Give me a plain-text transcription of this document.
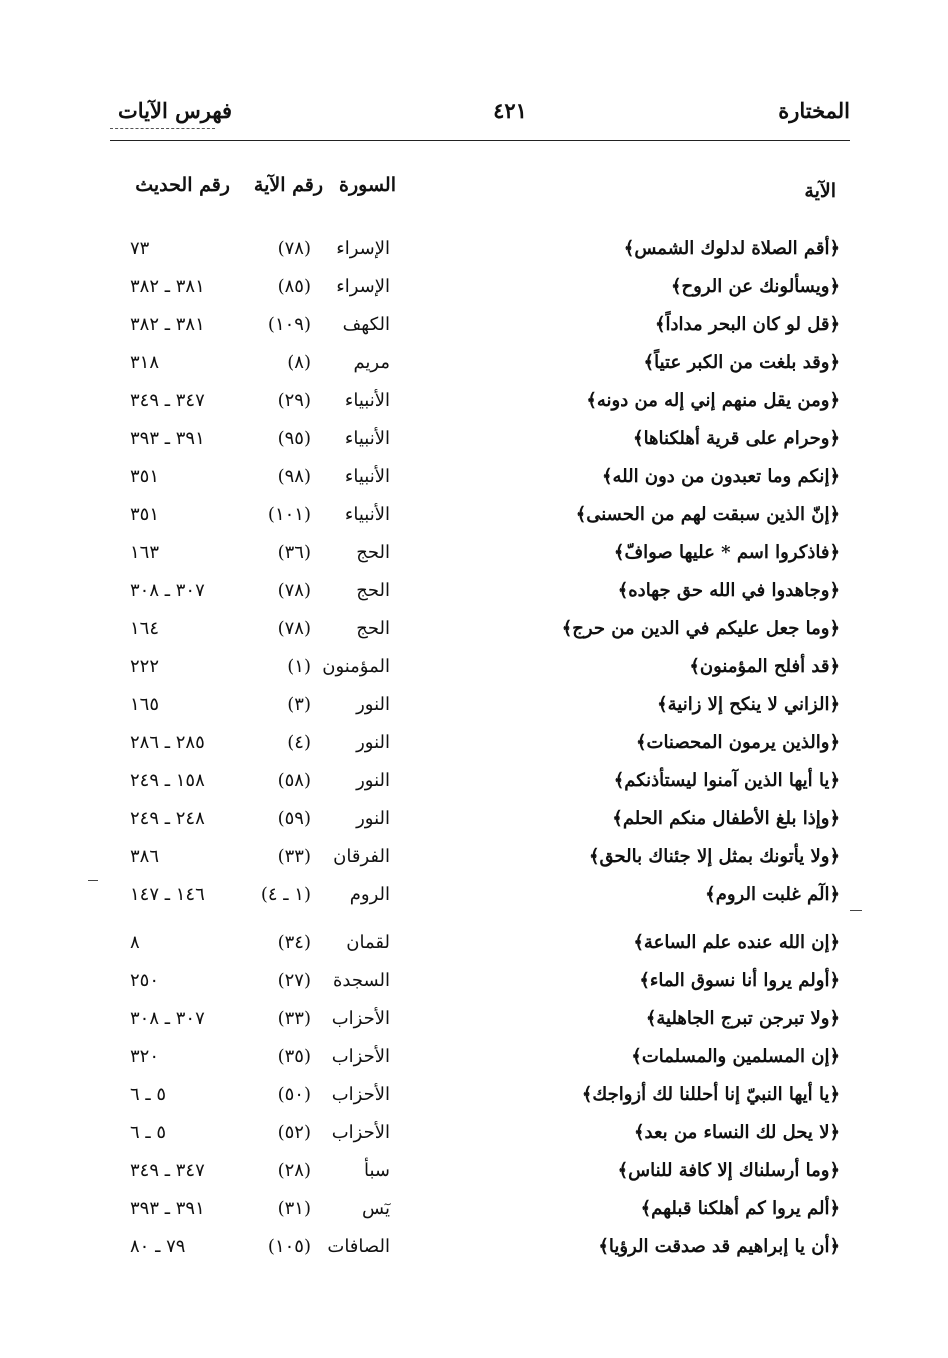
المختارة
٤٢١
فهرس الآيات
الآية
السورة
رقم الآية
رقم الحديث
﴿أقم الصلاة لدلوك الشمس﴾
الإسراء
(٧٨)
٧٣
﴿ويسألونك عن الروح﴾
الإسراء
(٨٥)
٣٨١ ـ ٣٨٢
﴿قل لو كان البحر مداداً﴾
الكهف
(١٠٩)
٣٨١ ـ ٣٨٢
﴿وقد بلغت من الكبر عتياً﴾
مريم
(٨)
٣١٨
﴿ومن يقل منهم إني إله من دونه﴾
الأنبياء
(٢٩)
٣٤٧ ـ ٣٤٩
﴿وحرام على قرية أهلكناها﴾
الأنبياء
(٩٥)
٣٩١ ـ ٣٩٣
﴿إنكم وما تعبدون من دون الله﴾
الأنبياء
(٩٨)
٣٥١
﴿إنّ الذين سبقت لهم من الحسنى﴾
الأنبياء
(١٠١)
٣٥١
﴿فاذكروا اسم * عليها صوافّ﴾
الحج
(٣٦)
١٦٣
﴿وجاهدوا في الله حق جهاده﴾
الحج
(٧٨)
٣٠٧ ـ ٣٠٨
﴿وما جعل عليكم في الدين من حرج﴾
الحج
(٧٨)
١٦٤
﴿قد أفلح المؤمنون﴾
المؤمنون
(١)
٢٢٢
﴿الزاني لا ينكح إلا زانية﴾
النور
(٣)
١٦٥
﴿والذين يرمون المحصنات﴾
النور
(٤)
٢٨٥ ـ ٢٨٦
﴿يا أيها الذين آمنوا ليستأذنكم﴾
النور
(٥٨)
١٥٨ ـ ٢٤٩
﴿وإذا بلغ الأطفال منكم الحلم﴾
النور
(٥٩)
٢٤٨ ـ ٢٤٩
﴿ولا يأتونك بمثل إلا جئناك بالحق﴾
الفرقان
(٣٣)
٣٨٦
﴿الٓم غلبت الروم﴾
الروم
(١ ـ ٤)
١٤٦ ـ ١٤٧
﴿إن الله عنده علم الساعة﴾
لقمان
(٣٤)
٨
﴿أولم يروا أنا نسوق الماء﴾
السجدة
(٢٧)
٢٥٠
﴿ولا تبرجن تبرج الجاهلية﴾
الأحزاب
(٣٣)
٣٠٧ ـ ٣٠٨
﴿إن المسلمين والمسلمات﴾
الأحزاب
(٣٥)
٣٢٠
﴿يا أيها النبيّ إنا أحللنا لك أزواجك﴾
الأحزاب
(٥٠)
٥ ـ ٦
﴿لا يحل لك النساء من بعد﴾
الأحزاب
(٥٢)
٥ ـ ٦
﴿وما أرسلناك إلا كافة للناس﴾
سبأ
(٢٨)
٣٤٧ ـ ٣٤٩
﴿ألم يروا كم أهلكنا قبلهم﴾
يٓس
(٣١)
٣٩١ ـ ٣٩٣
﴿أن يا إبراهيم قد صدقت الرؤيا﴾
الصافات
(١٠٥)
٧٩ ـ ٨٠
